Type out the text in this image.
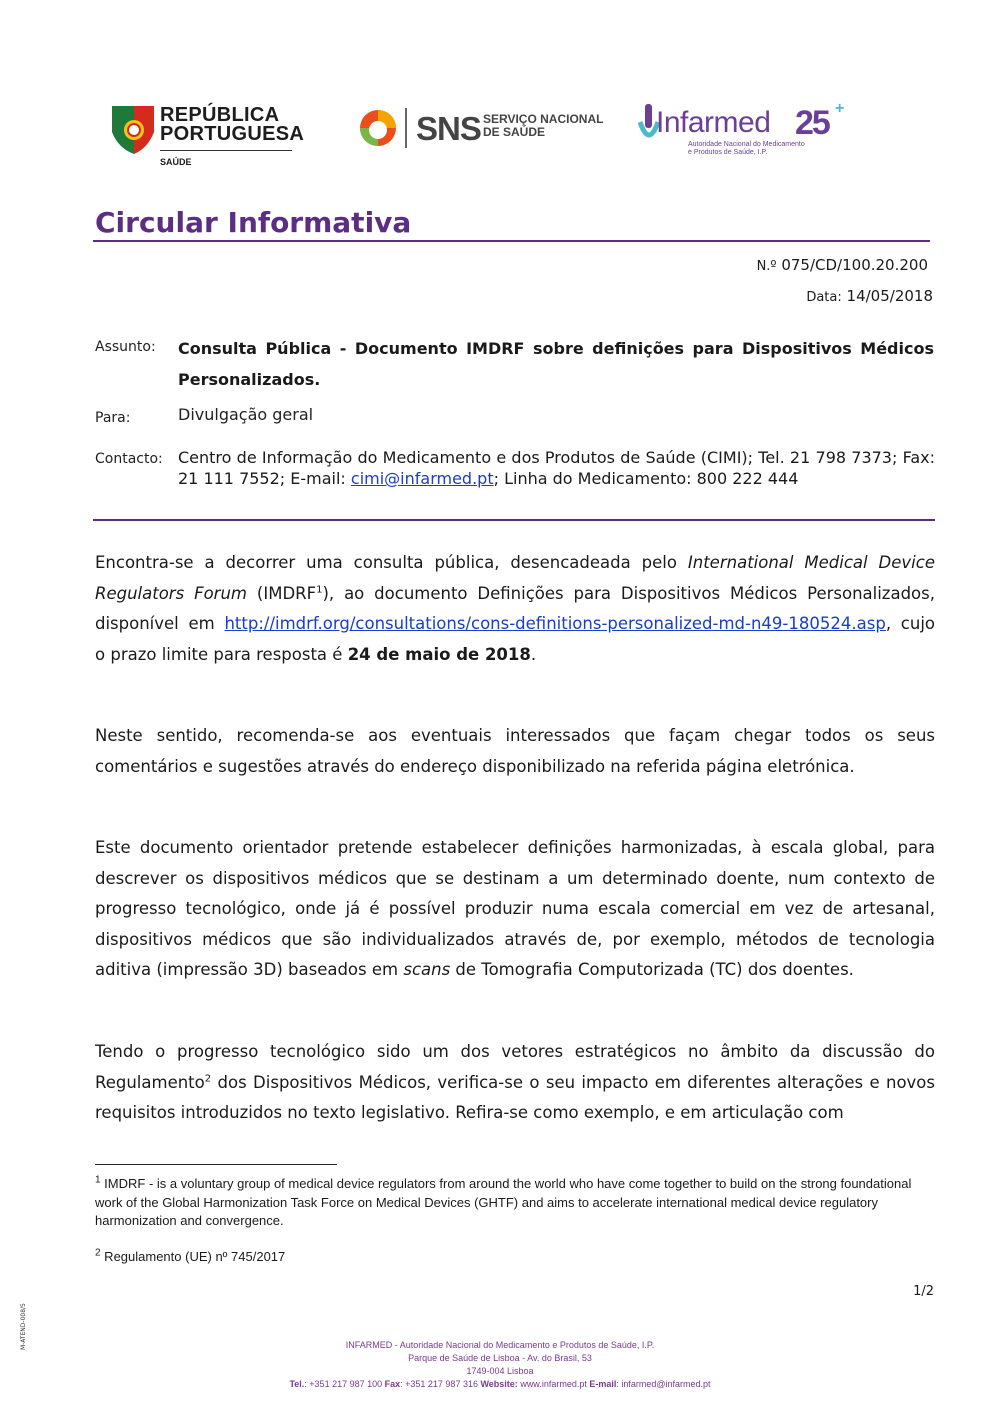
REPÚBLICA
PORTUGUESA
SAÚDE
SNS SERVIÇO NACIONAL
DE SAÚDE	Infarmed 25 +
Autoridade Nacional do Medicamento
e Produtos de Saúde, I.P.
Circular Informativa
N.º 075/CD/100.20.200
Data: 14/05/2018
Assunto: Consulta Pública - Documento IMDRF sobre definições para Dispositivos Médicos Personalizados.
Para:	Divulgação geral
Contacto: Centro de Informação do Medicamento e dos Produtos de Saúde (CIMI); Tel. 21 798 7373; Fax: 21 111 7552; E-mail: cimi@infarmed.pt; Linha do Medicamento: 800 222 444
Encontra-se a decorrer uma consulta pública, desencadeada pelo International Medical Device Regulators Forum (IMDRF$^1$), ao documento Definições para Dispositivos Médicos Personalizados, disponível em http://imdrf.org/consultations/cons-definitions-personalized-md-n49-180524.asp, cujo o prazo limite para resposta é 24 de maio de 2018.
Neste sentido, recomenda-se aos eventuais interessados que façam chegar todos os seus comentários e sugestões através do endereço disponibilizado na referida página eletrónica.
Este documento orientador pretende estabelecer definições harmonizadas, à escala global, para descrever os dispositivos médicos que se destinam a um determinado doente, num contexto de progresso tecnológico, onde já é possível produzir numa escala comercial em vez de artesanal, dispositivos médicos que são individualizados através de, por exemplo, métodos de tecnologia aditiva (impressão 3D) baseados em scans de Tomografia Computorizada (TC) dos doentes.
Tendo o progresso tecnológico sido um dos vetores estratégicos no âmbito da discussão do Regulamento$^2$ dos Dispositivos Médicos, verifica-se o seu impacto em diferentes alterações e novos requisitos introduzidos no texto legislativo. Refira-se como exemplo, e em articulação com
$^1$ IMDRF - is a voluntary group of medical device regulators from around the world who have come together to build on the strong foundational work of the Global Harmonization Task Force on Medical Devices (GHTF) and aims to accelerate international medical device regulatory harmonization and convergence.
$^2$ Regulamento (UE) nº 745/2017
1/2
M-ATEND-008/5	INFARMED - Autoridade Nacional do Medicamento e Produtos de Saúde, I.P.
Parque de Saúde de Lisboa - Av. do Brasil, 53
1749-004 Lisboa
Tel.: +351 217 987 100 Fax: +351 217 987 316 Website: www.infarmed.pt E-mail: infarmed@infarmed.pt
